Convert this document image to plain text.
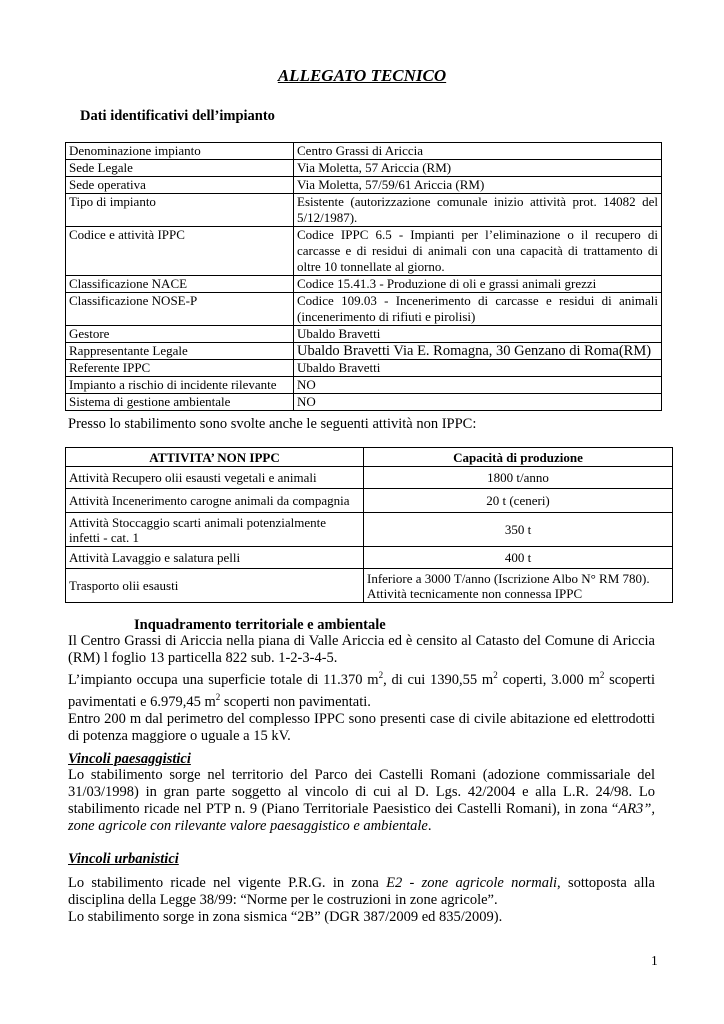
ALLEGATO TECNICO
Dati identificativi dell’impianto
Denominazione impianto	Centro Grassi di Ariccia
Sede Legale	Via Moletta, 57 Ariccia (RM)
Sede operativa	Via Moletta, 57/59/61 Ariccia (RM)
Tipo di impianto	Esistente (autorizzazione comunale inizio attività prot. 14082 del 5/12/1987).
Codice e attività IPPC	Codice IPPC 6.5 - Impianti per l’eliminazione o il recupero di carcasse e di residui di animali con una capacità di trattamento di oltre 10 tonnellate al giorno.
Classificazione NACE	Codice 15.41.3 - Produzione di oli e grassi animali grezzi
Classificazione NOSE-P	Codice 109.03 - Incenerimento di carcasse e residui di animali (incenerimento di rifiuti e pirolisi)
Gestore	Ubaldo Bravetti
Rappresentante Legale	Ubaldo Bravetti Via E. Romagna, 30 Genzano di Roma(RM)
Referente IPPC	Ubaldo Bravetti
Impianto a rischio di incidente rilevante	NO
Sistema di gestione ambientale	NO
Presso lo stabilimento sono svolte anche le seguenti attività non IPPC:
ATTIVITA’ NON IPPC	Capacità di produzione
Attività Recupero olii esausti vegetali e animali	1800 t/anno
Attività Incenerimento carogne animali da compagnia	20 t (ceneri)
Attività Stoccaggio scarti animali potenzialmente infetti - cat. 1	350 t
Attività Lavaggio e salatura pelli	400 t
Trasporto olii esausti	Inferiore a 3000 T/anno (Iscrizione Albo N° RM 780). Attività tecnicamente non connessa IPPC
Inquadramento territoriale e ambientale

Il Centro Grassi di Ariccia nella piana di Valle Ariccia ed è censito al Catasto del Comune di Ariccia (RM) l foglio 13 particella 822 sub. 1-2-3-4-5.

L’impianto occupa una superficie totale di 11.370 $m^2$, di cui 1390,55 $m^2$ coperti, 3.000 $m^2$ scoperti pavimentati e 6.979,45 $m^2$ scoperti non pavimentati.

Entro 200 m dal perimetro del complesso IPPC sono presenti case di civile abitazione ed elettrodotti di potenza maggiore o uguale a 15 kV.

Vincoli paesaggistici

Lo stabilimento sorge nel territorio del Parco dei Castelli Romani (adozione commissariale del 31/03/1998) in gran parte soggetto al vincolo di cui al D. Lgs. 42/2004 e alla L.R. 24/98. Lo stabilimento ricade nel PTP n. 9 (Piano Territoriale Paesistico dei Castelli Romani), in zona “AR3”, zone agricole con rilevante valore paesaggistico e ambientale.

Vincoli urbanistici

Lo stabilimento ricade nel vigente P.R.G. in zona E2 - zone agricole normali, sottoposta alla disciplina della Legge 38/99: “Norme per le costruzioni in zone agricole”.

Lo stabilimento sorge in zona sismica “2B” (DGR 387/2009 ed 835/2009).

1
